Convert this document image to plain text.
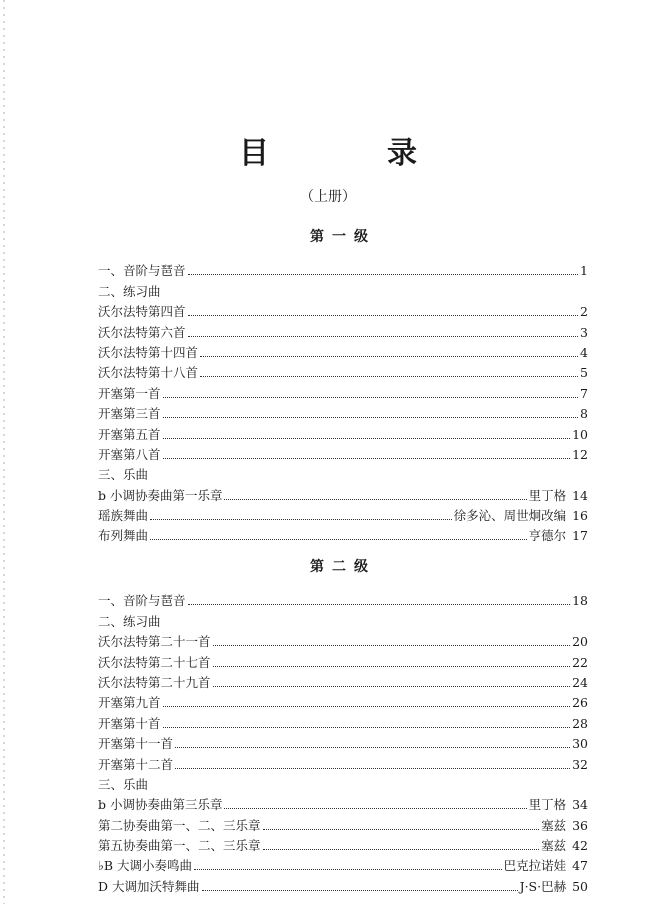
目　录
（上册）
第一级
一、音阶与琶音	1
二、练习曲
沃尔法特第四首	2
沃尔法特第六首	3
沃尔法特第十四首	4
沃尔法特第十八首	5
开塞第一首	7
开塞第三首	8
开塞第五首	10
开塞第八首	12
三、乐曲
b 小调协奏曲第一乐章	里丁格 14
瑶族舞曲	徐多沁、周世炯改编 16
布列舞曲	亨德尔 17
第二级
一、音阶与琶音	18
二、练习曲
沃尔法特第二十一首	20
沃尔法特第二十七首	22
沃尔法特第二十九首	24
开塞第九首	26
开塞第十首	28
开塞第十一首	30
开塞第十二首	32
三、乐曲
b 小调协奏曲第三乐章	里丁格 34
第二协奏曲第一、二、三乐章	塞兹 36
第五协奏曲第一、二、三乐章	塞兹 42
♭B 大调小奏鸣曲	巴克拉诺娃 47
D 大调加沃特舞曲	J·S·巴赫 50
